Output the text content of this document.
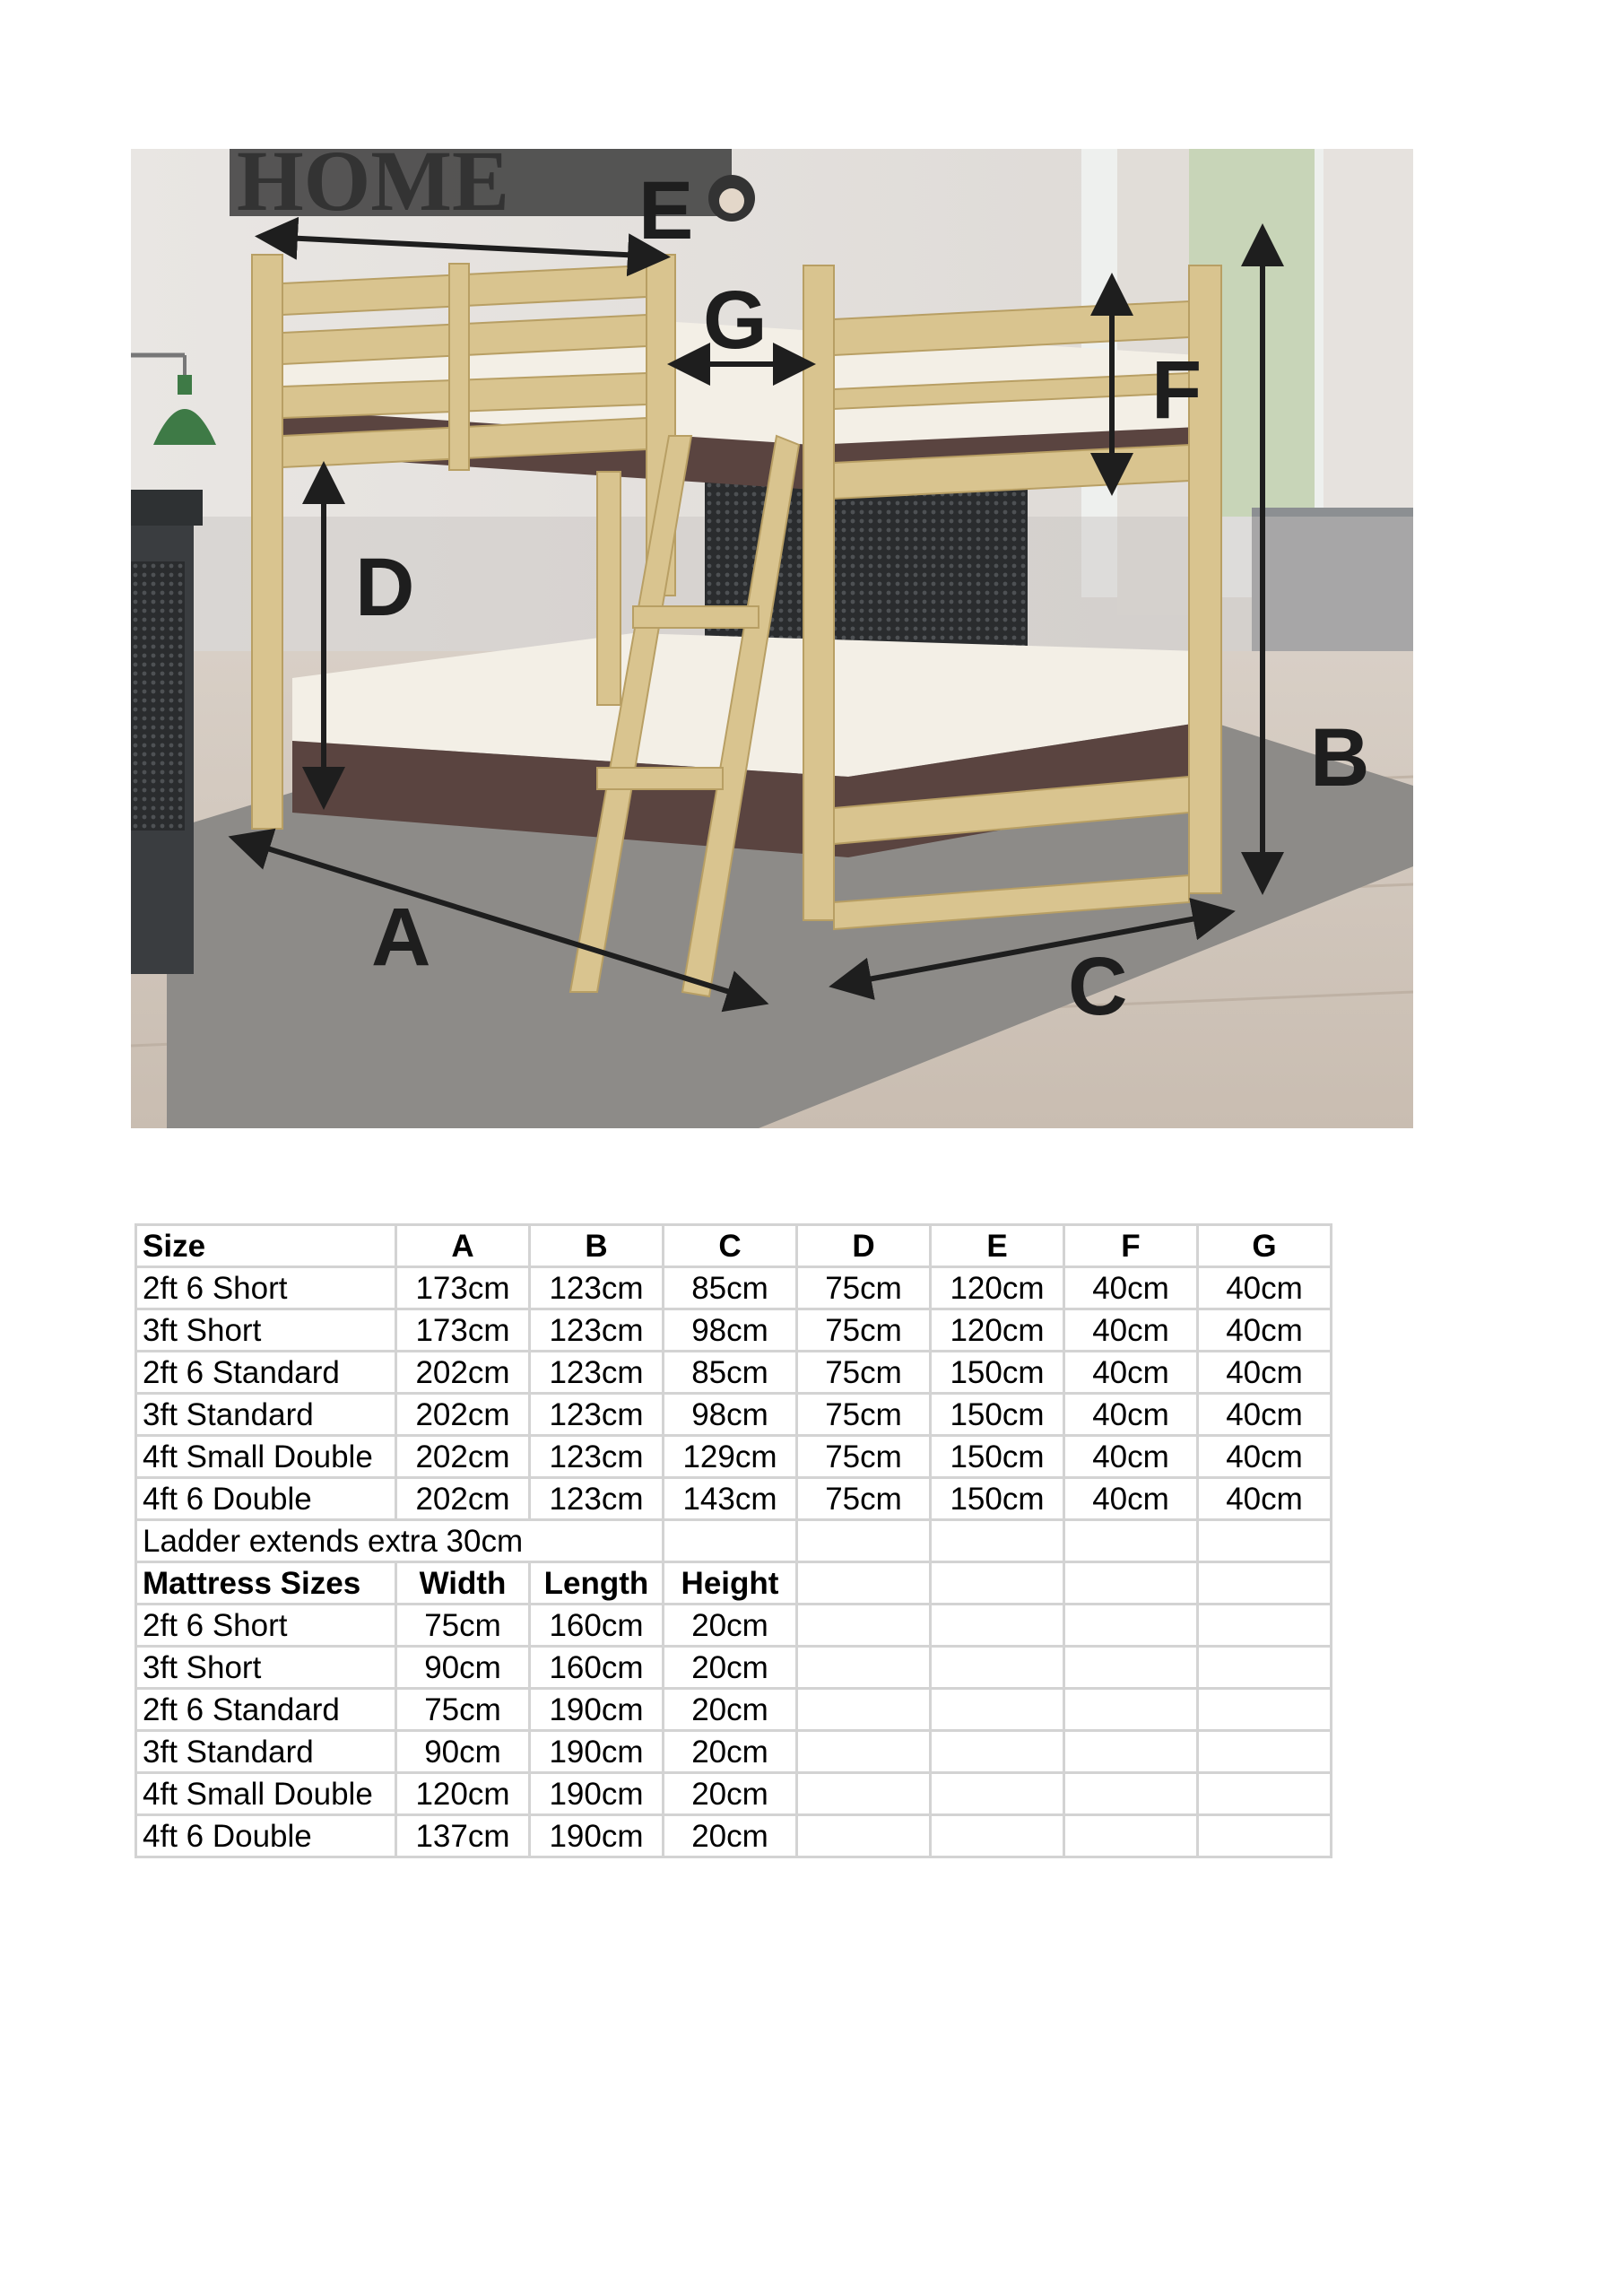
HOME
A
B
C
D
E
F
G
Size	A	B	C	D	E	F	G
2ft 6 Short	173cm	123cm	85cm	75cm	120cm	40cm	40cm
3ft Short	173cm	123cm	98cm	75cm	120cm	40cm	40cm
2ft 6 Standard	202cm	123cm	85cm	75cm	150cm	40cm	40cm
3ft Standard	202cm	123cm	98cm	75cm	150cm	40cm	40cm
4ft Small Double	202cm	123cm	129cm	75cm	150cm	40cm	40cm
4ft 6 Double	202cm	123cm	143cm	75cm	150cm	40cm	40cm
Ladder extends extra 30cm							
Mattress Sizes	Width	Length	Height				
2ft 6 Short	75cm	160cm	20cm				
3ft Short	90cm	160cm	20cm				
2ft 6 Standard	75cm	190cm	20cm				
3ft Standard	90cm	190cm	20cm				
4ft Small Double	120cm	190cm	20cm				
4ft 6 Double	137cm	190cm	20cm				
